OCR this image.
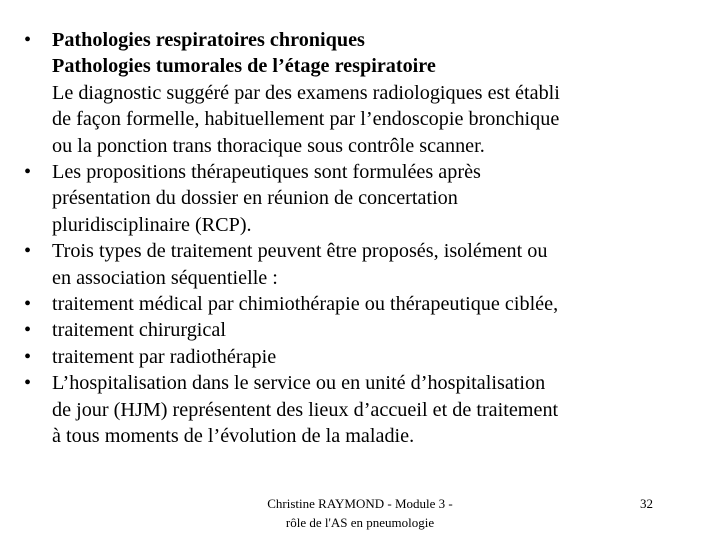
•	Pathologies respiratoires chroniques
Pathologies tumorales de l’étage respiratoire
Le diagnostic suggéré par des examens radiologiques est établi
de façon formelle, habituellement par l’endoscopie bronchique
ou la ponction trans thoracique sous contrôle scanner.
•	Les propositions thérapeutiques sont formulées après
présentation du dossier en réunion de concertation
pluridisciplinaire (RCP).
•	Trois types de traitement peuvent être proposés, isolément ou
en association séquentielle :
•	traitement médical par chimiothérapie ou thérapeutique ciblée,
•	traitement chirurgical
•	traitement par radiothérapie
•	L’hospitalisation dans le service ou en unité d’hospitalisation
de jour (HJM) représentent des lieux d’accueil et de traitement
à tous moments de l’évolution de la maladie.
Christine RAYMOND - Module 3 -
rôle de l'AS en pneumologie
32
